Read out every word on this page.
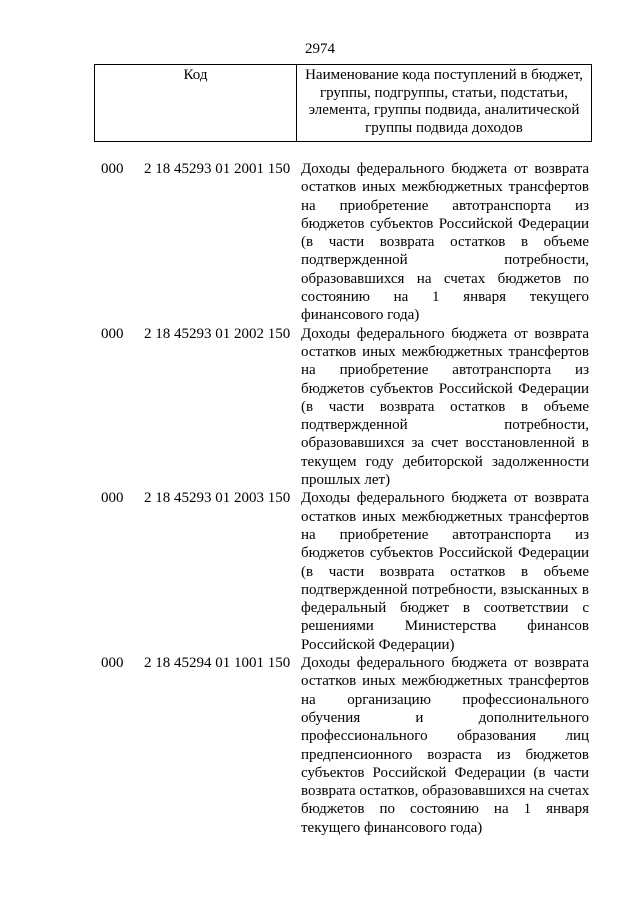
2974
Код	Наименование кода поступлений в бюджет,
группы, подгруппы, статьи, подстатьи,
элемента, группы подвида, аналитической
группы подвида доходов
000 2 18 45293 01 2001 150 Доходы федерального бюджета от возврата
остатков иных межбюджетных трансфертов
на приобретение автотранспорта из
бюджетов субъектов Российской Федерации
(в части возврата остатков в объеме
подтвержденной потребности,
образовавшихся на счетах бюджетов по
состоянию на 1 января текущего
финансового года)
000 2 18 45293 01 2002 150 Доходы федерального бюджета от возврата
остатков иных межбюджетных трансфертов
на приобретение автотранспорта из
бюджетов субъектов Российской Федерации
(в части возврата остатков в объеме
подтвержденной потребности,
образовавшихся за счет восстановленной в
текущем году дебиторской задолженности
прошлых лет)
000 2 18 45293 01 2003 150 Доходы федерального бюджета от возврата
остатков иных межбюджетных трансфертов
на приобретение автотранспорта из
бюджетов субъектов Российской Федерации
(в части возврата остатков в объеме
подтвержденной потребности, взысканных в
федеральный бюджет в соответствии с
решениями Министерства финансов
Российской Федерации)
000 2 18 45294 01 1001 150 Доходы федерального бюджета от возврата
остатков иных межбюджетных трансфертов
на организацию профессионального
обучения и дополнительного
профессионального образования лиц
предпенсионного возраста из бюджетов
субъектов Российской Федерации (в части
возврата остатков, образовавшихся на счетах
бюджетов по состоянию на 1 января
текущего финансового года)
